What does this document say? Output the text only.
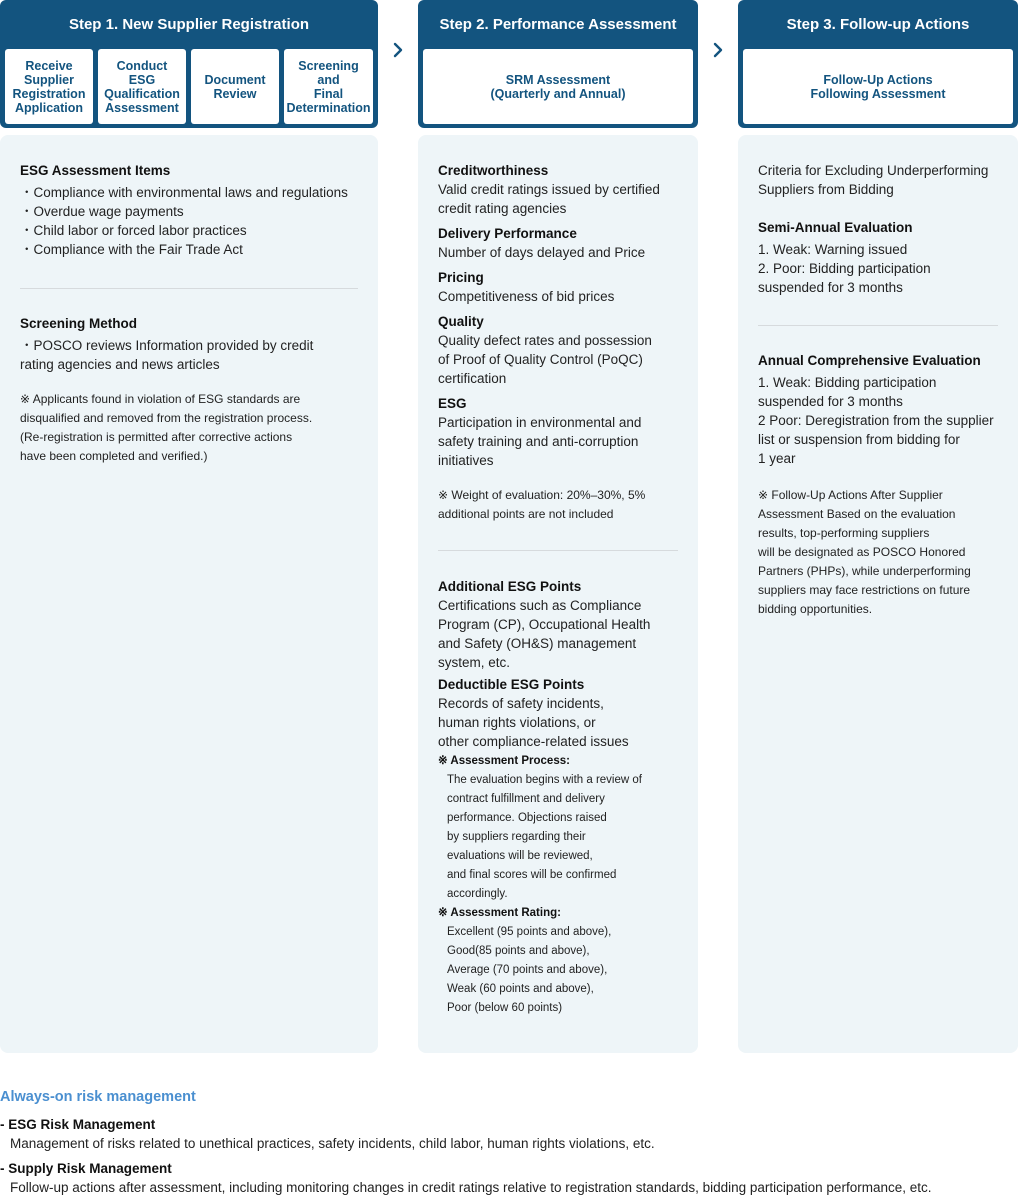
Step 1. New Supplier Registration
Receive
Supplier
Registration
Application
Conduct
ESG
Qualification
Assessment
Document
Review
Screening
and
Final
Determination
Step 2. Performance Assessment
SRM Assessment
(Quarterly and Annual)
Step 3. Follow-up Actions
Follow-Up Actions
Following Assessment
ESG Assessment Items
・Compliance with environmental laws and regulations
・Overdue wage payments
・Child labor or forced labor practices
・Compliance with the Fair Trade Act
Screening Method
・POSCO reviews Information provided by credit
rating agencies and news articles
※ Applicants found in violation of ESG standards are
disqualified and removed from the registration process.
(Re-registration is permitted after corrective actions
have been completed and verified.)
Creditworthiness
Valid credit ratings issued by certified
credit rating agencies
Delivery Performance
Number of days delayed and Price
Pricing
Competitiveness of bid prices
Quality
Quality defect rates and possession
of Proof of Quality Control (PoQC)
certification
ESG
Participation in environmental and
safety training and anti-corruption
initiatives
※ Weight of evaluation: 20%–30%, 5%
additional points are not included
Additional ESG Points
Certifications such as Compliance
Program (CP), Occupational Health
and Safety (OH&S) management
system, etc.
Deductible ESG Points
Records of safety incidents,
human rights violations, or
other compliance-related issues
※ Assessment Process:
The evaluation begins with a review of
contract fulfillment and delivery
performance. Objections raised
by suppliers regarding their
evaluations will be reviewed,
and final scores will be confirmed
accordingly.
※ Assessment Rating:
Excellent (95 points and above),
Good(85 points and above),
Average (70 points and above),
Weak (60 points and above),
Poor (below 60 points)
Criteria for Excluding Underperforming
Suppliers from Bidding
Semi-Annual Evaluation
1. Weak: Warning issued
2. Poor: Bidding participation
suspended for 3 months
Annual Comprehensive Evaluation
1. Weak: Bidding participation
suspended for 3 months
2 Poor: Deregistration from the supplier
list or suspension from bidding for
1 year
※ Follow-Up Actions After Supplier
Assessment Based on the evaluation
results, top-performing suppliers
will be designated as POSCO Honored
Partners (PHPs), while underperforming
suppliers may face restrictions on future
bidding opportunities.
Always-on risk management
- ESG Risk Management
Management of risks related to unethical practices, safety incidents, child labor, human rights violations, etc.
- Supply Risk Management
Follow-up actions after assessment, including monitoring changes in credit ratings relative to registration standards, bidding participation performance, etc.
